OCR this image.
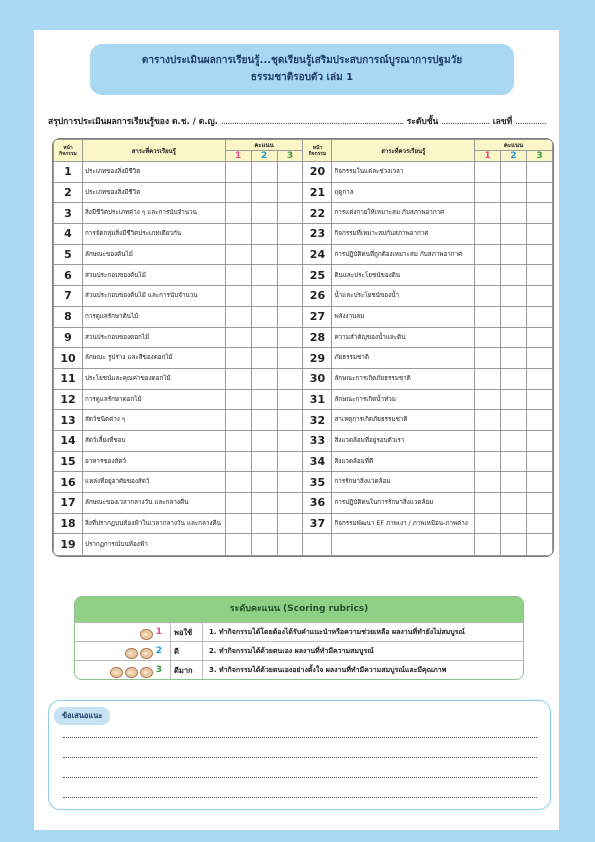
ตารางประเมินผลการเรียนรู้...ชุดเรียนรู้เสริมประสบการณ์บูรณาการปฐมวัย
ธรรมชาติรอบตัว เล่ม 1
สรุปการประเมินผลการเรียนรู้ของ ด.ช. / ด.ญ. ................................................................................... ระดับชั้น ...................... เลขที่ ..............
หน้า กิจกรรม	สาระที่ควรเรียนรู้	คะแนน			หน้า กิจกรรม	สาระที่ควรเรียนรู้	คะแนน		
		1	2	3			1	2	3
1	ประเภทของสิ่งมีชีวิต				20	กิจกรรมในแต่ละช่วงเวลา			
2	ประเภทของสิ่งมีชีวิต				21	ฤดูกาล			
3	สิ่งมีชีวิตประเภทต่าง ๆ และการนับจำนวน				22	การแต่งกายให้เหมาะสม กับสภาพอากาศ			
4	การจัดกลุ่มสิ่งมีชีวิตประเภทเดียวกัน				23	กิจกรรมที่เหมาะสมกับสภาพอากาศ			
5	ลักษณะของต้นไม้				24	การปฏิบัติตนที่ถูกต้องเหมาะสม กับสภาพอากาศ			
6	ส่วนประกอบของต้นไม้				25	ดินและประโยชน์ของดิน			
7	ส่วนประกอบของต้นไม้ และการนับจำนวน				26	น้ำและประโยชน์ของน้ำ			
8	การดูแลรักษาต้นไม้				27	พลังงานลม			
9	ส่วนประกอบของดอกไม้				28	ความสำคัญของน้ำและดิน			
10	ลักษณะ รูปร่าง และสีของดอกไม้				29	ภัยธรรมชาติ			
11	ประโยชน์และคุณค่าของดอกไม้				30	ลักษณะการเกิดภัยธรรมชาติ			
12	การดูแลรักษาดอกไม้				31	ลักษณะการเกิดน้ำท่วม			
13	สัตว์ชนิดต่าง ๆ				32	สาเหตุการเกิดภัยธรรมชาติ			
14	สัตว์เลี้ยงที่ชอบ				33	สิ่งแวดล้อมที่อยู่รอบตัวเรา			
15	อาหารของสัตว์				34	สิ่งแวดล้อมที่ดี			
16	แหล่งที่อยู่อาศัยของสัตว์				35	การรักษาสิ่งแวดล้อม			
17	ลักษณะของเวลากลางวัน และกลางคืน				36	การปฏิบัติตนในการรักษาสิ่งแวดล้อม			
18	สิ่งที่ปรากฏบนท้องฟ้าในเวลากลางวัน และกลางคืน				37	กิจกรรมพัฒนา EF ภาพเงา / ภาพเหมือน-ภาพต่าง			
19	ปรากฏการณ์บนท้องฟ้า								
ระดับคะแนน (Scoring rubrics)
1	พอใช้	1. ทำกิจกรรมได้โดยต้องได้รับคำแนะนำหรือความช่วยเหลือ ผลงานที่ทำยังไม่สมบูรณ์
2	ดี	2. ทำกิจกรรมได้ด้วยตนเอง ผลงานที่ทำมีความสมบูรณ์
3	ดีมาก	3. ทำกิจกรรมได้ด้วยตนเองอย่างตั้งใจ ผลงานที่ทำมีความสมบูรณ์และมีคุณภาพ
ข้อเสนอแนะ
